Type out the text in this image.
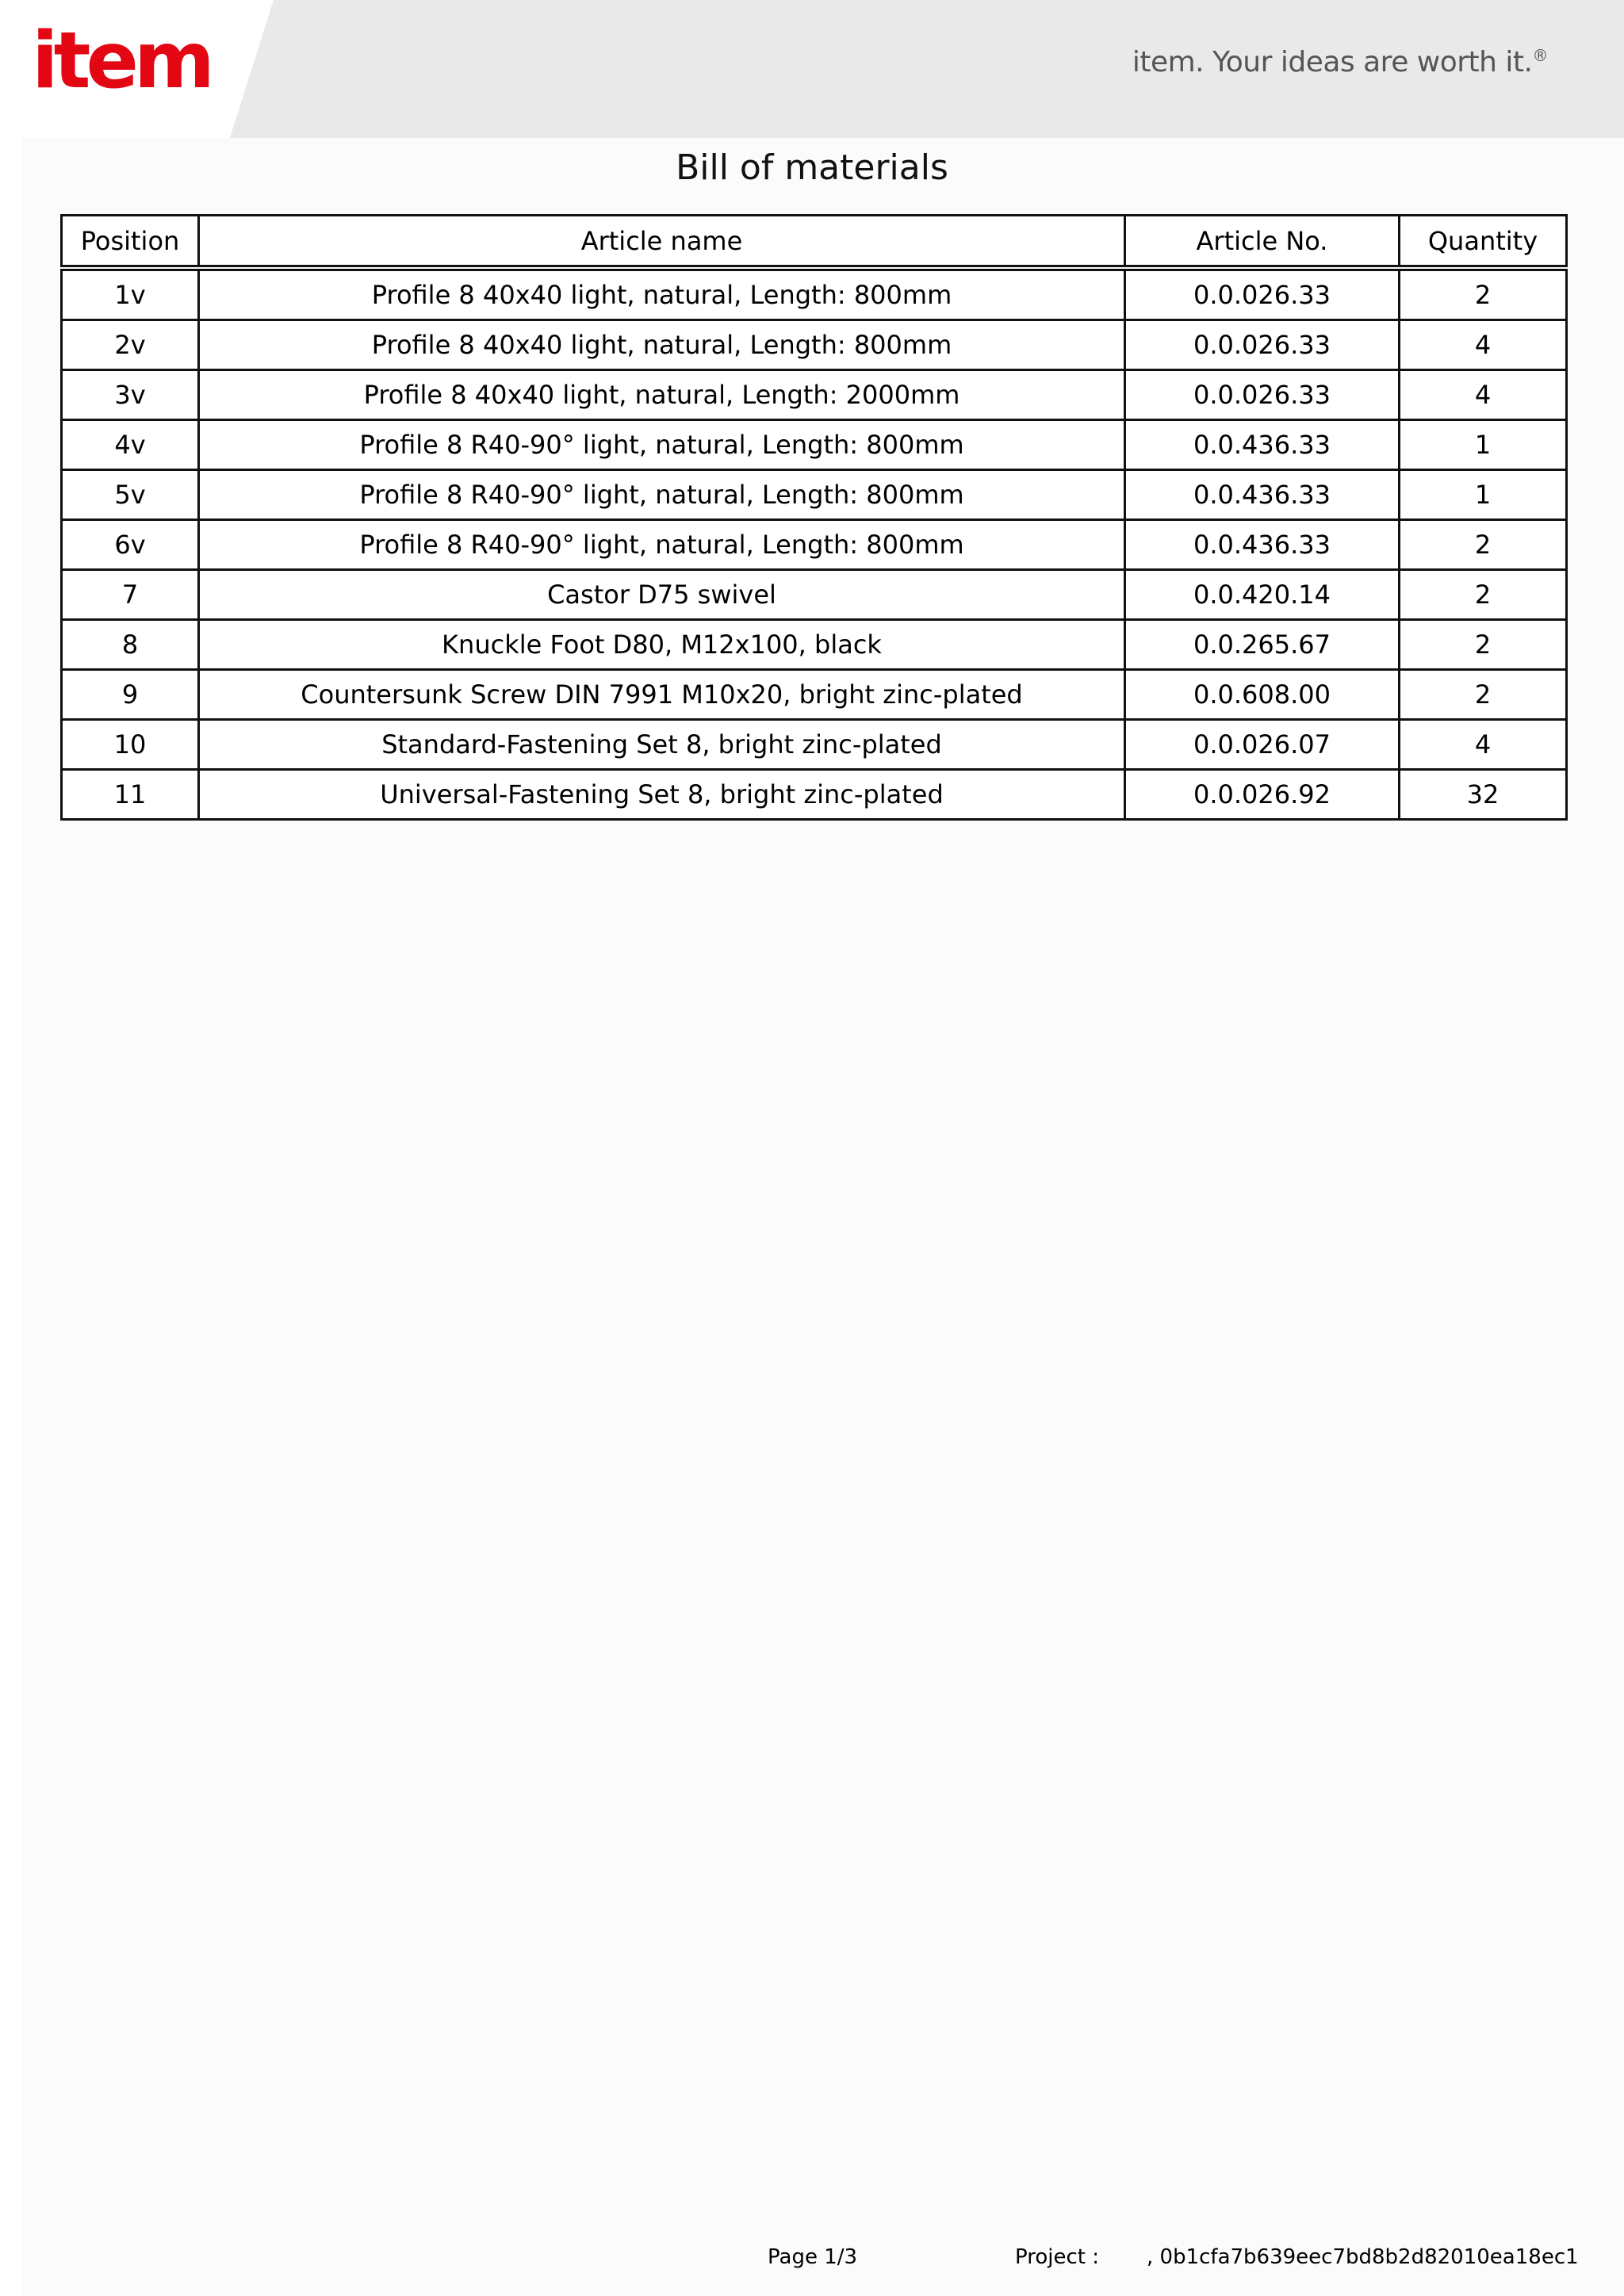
item	item. Your ideas are worth it.®
Bill of materials
Position	Article name	Article No.	Quantity
1v	Profile 8 40x40 light, natural, Length: 800mm	0.0.026.33	2
2v	Profile 8 40x40 light, natural, Length: 800mm	0.0.026.33	4
3v	Profile 8 40x40 light, natural, Length: 2000mm	0.0.026.33	4
4v	Profile 8 R40-90° light, natural, Length: 800mm	0.0.436.33	1
5v	Profile 8 R40-90° light, natural, Length: 800mm	0.0.436.33	1
6v	Profile 8 R40-90° light, natural, Length: 800mm	0.0.436.33	2
7	Castor D75 swivel	0.0.420.14	2
8	Knuckle Foot D80, M12x100, black	0.0.265.67	2
9	Countersunk Screw DIN 7991 M10x20, bright zinc-plated	0.0.608.00	2
10	Standard-Fastening Set 8, bright zinc-plated	0.0.026.07	4
11	Universal-Fastening Set 8, bright zinc-plated	0.0.026.92	32
Page 1/3	Project : , 0b1cfa7b639eec7bd8b2d82010ea18ec1
